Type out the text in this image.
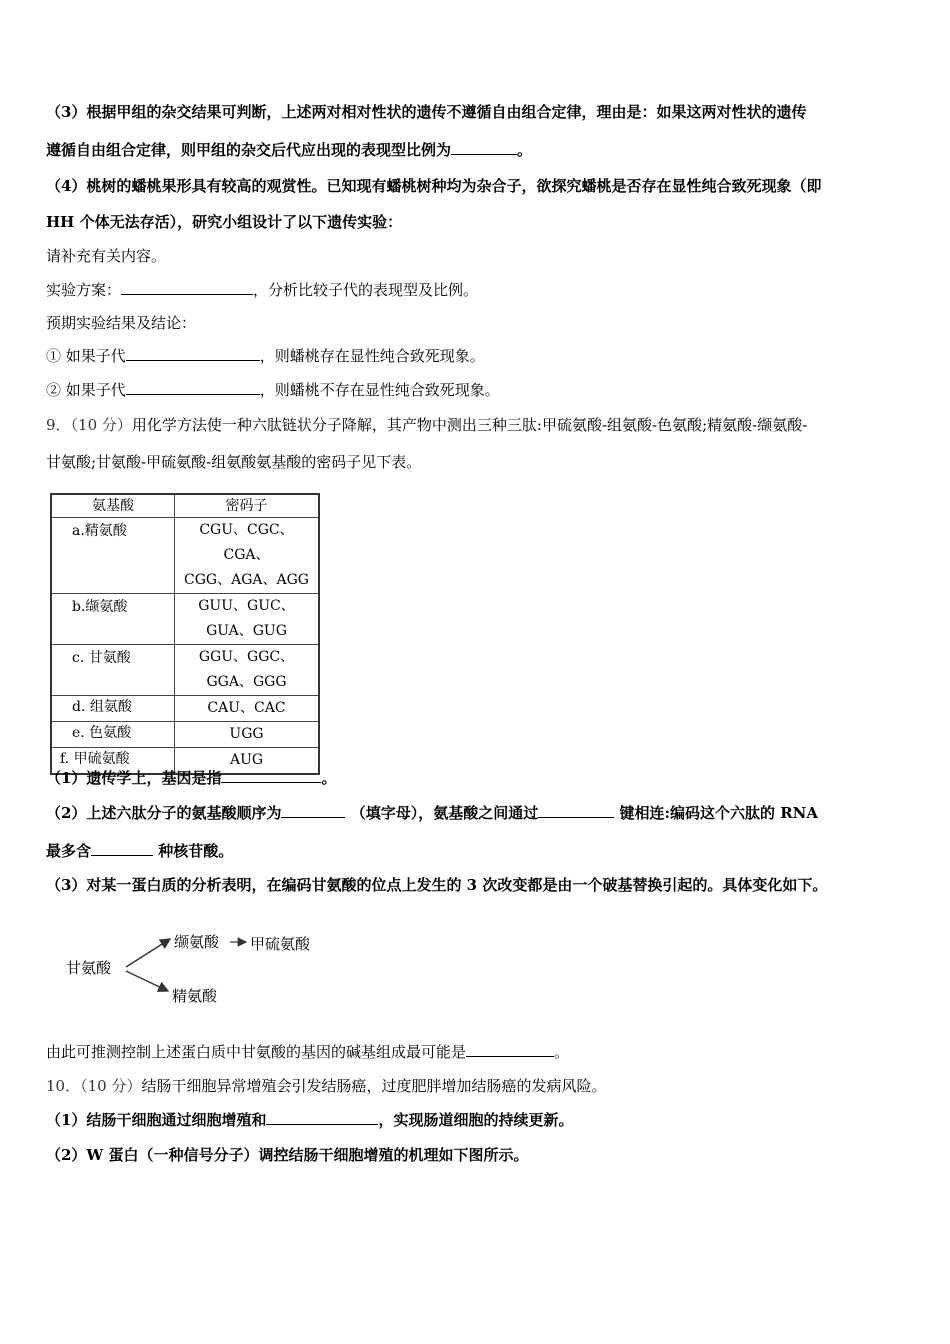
（3）根据甲组的杂交结果可判断，上述两对相对性状的遗传不遵循自由组合定律，理由是：如果这两对性状的遗传
遵循自由组合定律，则甲组的杂交后代应出现的表现型比例为	。
（4）桃树的蟠桃果形具有较高的观赏性。已知现有蟠桃树种均为杂合子，欲探究蟠桃是否存在显性纯合致死现象（即
HH 个体无法存活），研究小组设计了以下遗传实验：
请补充有关内容。
实验方案：	，分析比较子代的表现型及比例。
预期实验结果及结论：
① 如果子代	，则蟠桃存在显性纯合致死现象。
② 如果子代	，则蟠桃不存在显性纯合致死现象。
9．（10 分）用化学方法使一种六肽链状分子降解，其产物中测出三种三肽:甲硫氨酸-组氨酸-色氨酸;精氨酸-缬氨酸-
甘氨酸;甘氨酸-甲硫氨酸-组氨酸氨基酸的密码子见下表。
氨基酸	密码子
a.精氨酸	CGU、CGC、CGA、
CGG、AGA、AGG

b.缬氨酸	GUU、GUC、
GUA、GUG

c. 甘氨酸	GGU、GGC、
GGA、GGG

d. 组氨酸	CAU、CAC
e. 色氨酸	UGG
f. 甲硫氨酸	AUG
（1）遗传学上，基因是指	。
（2）上述六肽分子的氨基酸顺序为	（填字母），氨基酸之间通过	键相连:编码这个六肽的 RNA
最多含	种核苷酸。
（3）对某一蛋白质的分析表明，在编码甘氨酸的位点上发生的 3 次改变都是由一个破基替换引起的。具体变化如下。
甘氨酸
缬氨酸 甲硫氨酸
精氨酸
由此可推测控制上述蛋白质中甘氨酸的基因的碱基组成最可能是	。
10．（10 分）结肠干细胞异常增殖会引发结肠癌，过度肥胖增加结肠癌的发病风险。
（1）结肠干细胞通过细胞增殖和	，实现肠道细胞的持续更新。
（2）W 蛋白（一种信号分子）调控结肠干细胞增殖的机理如下图所示。
